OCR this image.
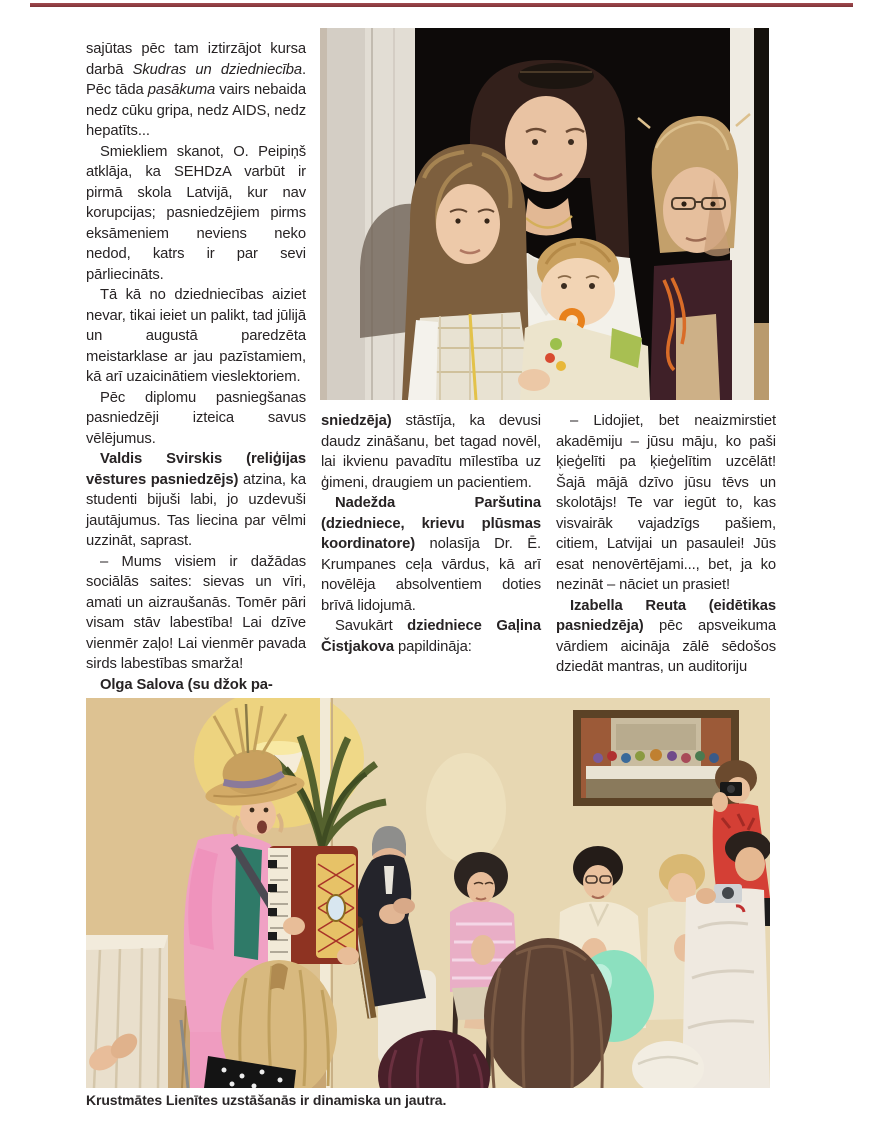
sajūtas pēc tam iztirzājot kursa darbā Skudras un dziedniecība. Pēc tāda pasākuma vairs nebaida nedz cūku gripa, nedz AIDS, nedz hepatīts...

Smiekliem skanot, O. Peipiņš atklāja, ka SEHDzA varbūt ir pirmā skola Latvijā, kur nav korupcijas; pasniedzējiem pirms eksāmeniem neviens neko nedod, katrs ir par sevi pārliecināts.

Tā kā no dziedniecības aiziet nevar, tikai ieiet un palikt, tad jūlijā un augustā paredzēta meistarklase ar jau pazīstamiem, kā arī uzaicinātiem vieslektoriem.

Pēc diplomu pasniegšanas pasniedzēji izteica savus vēlējumus.

Valdis Svirskis (reliģijas vēstures pasniedzējs) atzina, ka studenti bijuši labi, jo uzdevuši jautājumus. Tas liecina par vēlmi uzzināt, saprast.

– Mums visiem ir dažādas sociālās saites: sievas un vīri, amati un aizraušanās. Tomēr pāri visam stāv labestība! Lai dzīve vienmēr zaļo! Lai vienmēr pavada sirds labestības smarža!

Olga Salova (su džok pa-

sniedzēja) stāstīja, ka devusi daudz zināšanu, bet tagad novēl, lai ikvienu pavadītu mīlestība uz ģimeni, draugiem un pacientiem.

Nadežda Paršutina (dziedniece, krievu plūsmas koordinatore) nolasīja Dr. Ē. Krumpanes ceļa vārdus, kā arī novēlēja absolventiem doties brīvā lidojumā.

Savukārt dziedniece Gaļina Čistjakova papildināja:

– Lidojiet, bet neaizmirstiet akadēmiju – jūsu māju, ko paši ķieģelīti pa ķieģelītim uzcēlāt! Šajā mājā dzīvo jūsu tēvs un skolotājs! Te var iegūt to, kas visvairāk vajadzīgs pašiem, citiem, Latvijai un pasaulei! Jūs esat nenovērtējami..., bet, ja ko nezināt – nāciet un prasiet!

Izabella Reuta (eidētikas pasniedzēja) pēc apsveikuma vārdiem aicināja zālē sēdošos dziedāt mantras, un auditoriju

Krustmātes Lienītes uzstāšanās ir dinamiska un jautra.
